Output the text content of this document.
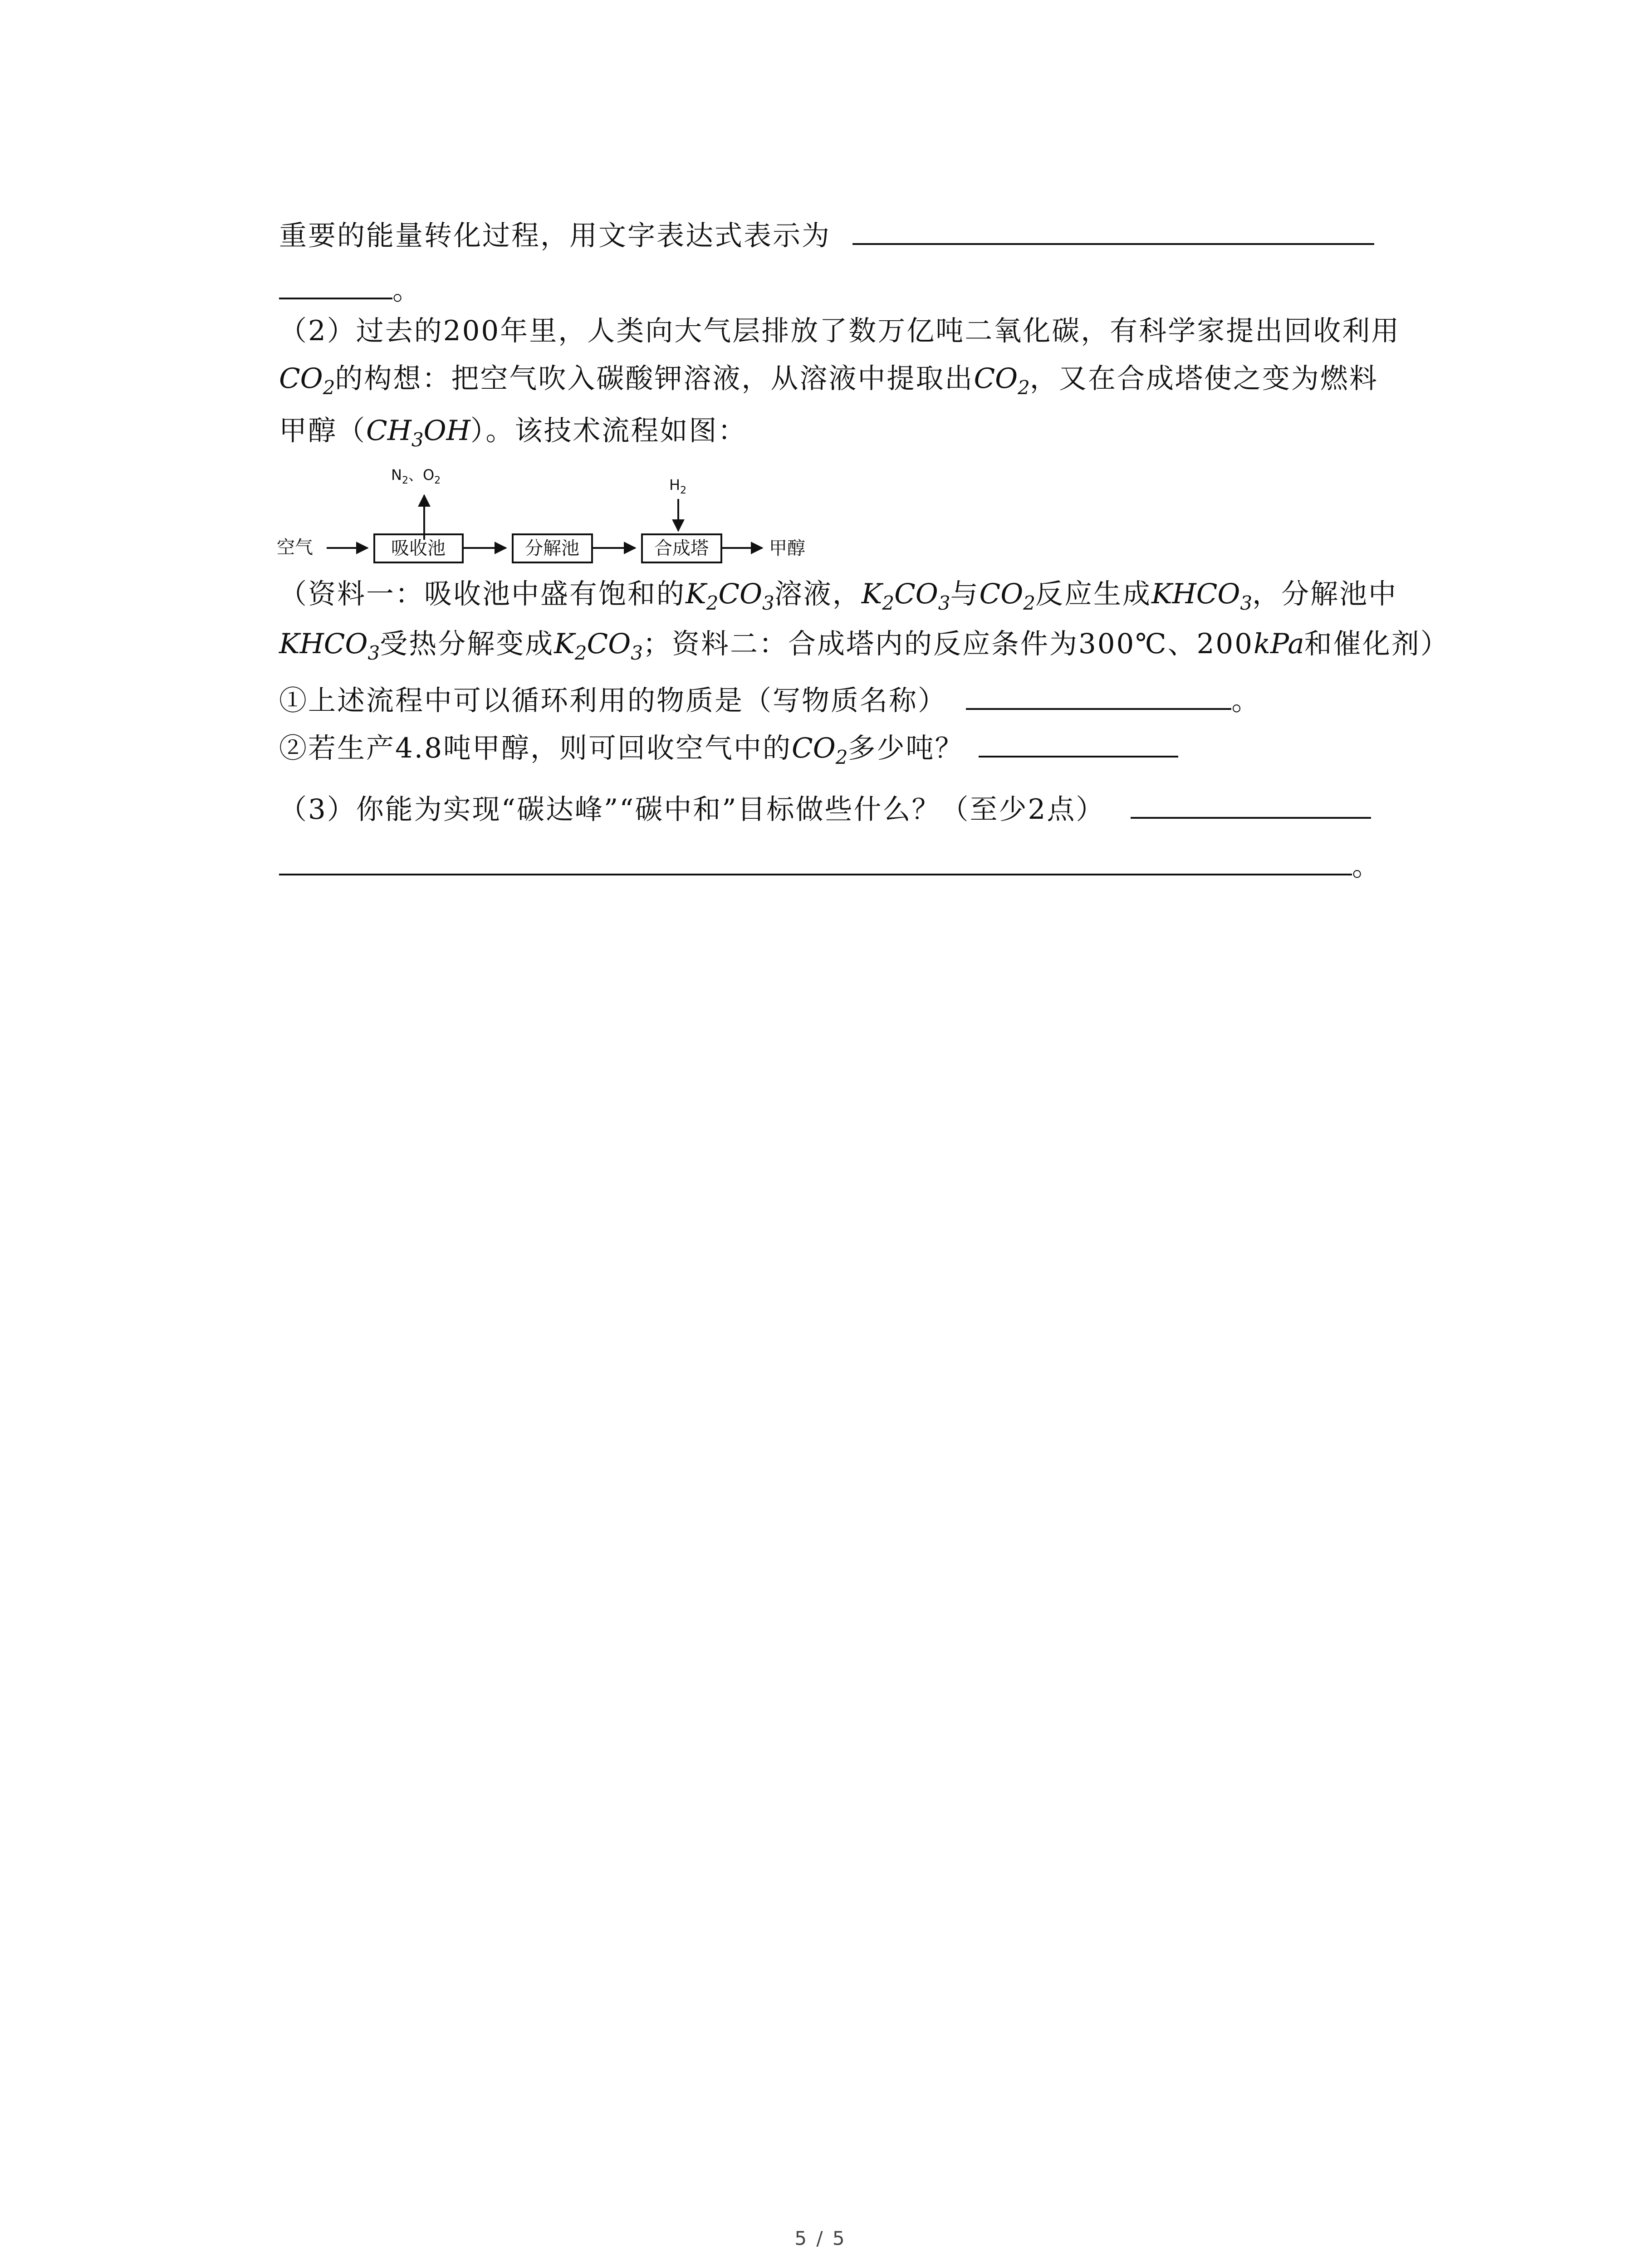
重要的能量转化过程，用文字表达式表示为
。
（2）过去的200年里，人类向大气层排放了数万亿吨二氧化碳，有科学家提出回收利用
$CO_2$的构想：把空气吹入碳酸钾溶液，从溶液中提取出$CO_2$，又在合成塔使之变为燃料
甲醇$(CH_3OH)$。该技术流程如图：
$N_2$、$O_2$	$H_2$
空气	吸收池	分解池	合成塔	甲醇
（资料一：吸收池中盛有饱和的$K_2CO_3$溶液，$K_2CO_3$与$CO_2$反应生成$KHCO_3$，分解池中
$KHCO_3$受热分解变成$K_2CO_3$；资料二：合成塔内的反应条件为300℃、200kPa和催化剂）
①上述流程中可以循环利用的物质是（写物质名称）	。
②若生产4.8吨甲醇，则可回收空气中的$CO_2$多少吨？
（3）你能为实现“碳达峰”“碳中和”目标做些什么？（至少2点）
。
5 / 5
